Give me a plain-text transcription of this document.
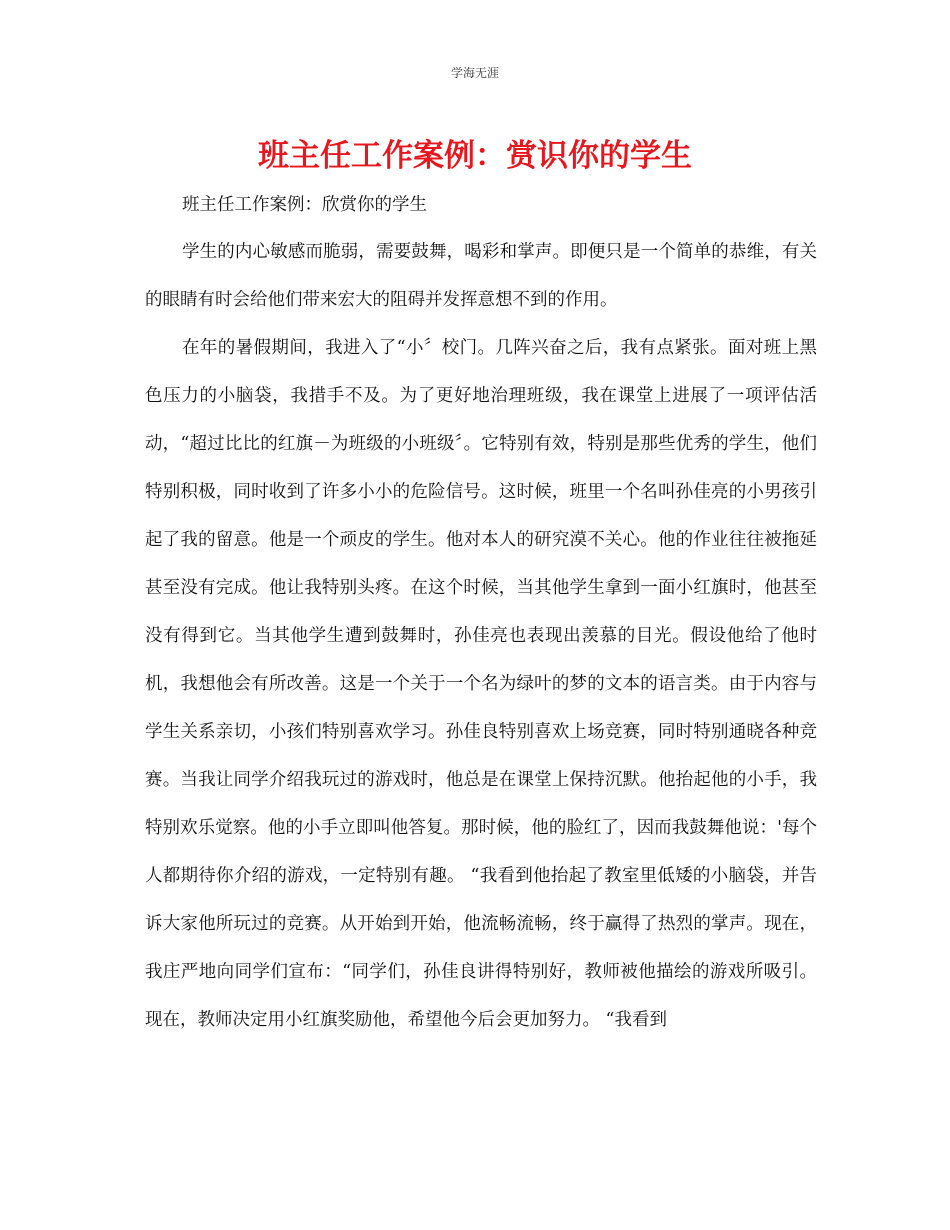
学海无涯
班主任工作案例：赏识你的学生

班主任工作案例：欣赏你的学生

学生的内心敏感而脆弱，需要鼓舞，喝彩和掌声。即便只是一个简单的恭维，有关的眼睛有时会给他们带来宏大的阻碍并发挥意想不到的作用。

在年的暑假期间，我进入了“小〞校门。几阵兴奋之后，我有点紧张。面对班上黑色压力的小脑袋，我措手不及。为了更好地治理班级，我在课堂上进展了一项评估活动，“超过比比的红旗－为班级的小班级〞。它特别有效，特别是那些优秀的学生，他们特别积极，同时收到了许多小小的危险信号。这时候，班里一个名叫孙佳亮的小男孩引起了我的留意。他是一个顽皮的学生。他对本人的研究漠不关心。他的作业往往被拖延甚至没有完成。他让我特别头疼。在这个时候，当其他学生拿到一面小红旗时，他甚至没有得到它。当其他学生遭到鼓舞时，孙佳亮也表现出羡慕的目光。假设他给了他时机，我想他会有所改善。这是一个关于一个名为绿叶的梦的文本的语言类。由于内容与学生关系亲切，小孩们特别喜欢学习。孙佳良特别喜欢上场竞赛，同时特别通晓各种竞赛。当我让同学介绍我玩过的游戏时，他总是在课堂上保持沉默。他抬起他的小手，我特别欢乐觉察。他的小手立即叫他答复。那时候，他的脸红了，因而我鼓舞他说：'每个人都期待你介绍的游戏，一定特别有趣。 “我看到他抬起了教室里低矮的小脑袋，并告诉大家他所玩过的竞赛。从开始到开始，他流畅流畅，终于赢得了热烈的掌声。现在，我庄严地向同学们宣布：“同学们，孙佳良讲得特别好，教师被他描绘的游戏所吸引。现在，教师决定用小红旗奖励他，希望他今后会更加努力。 “我看到
